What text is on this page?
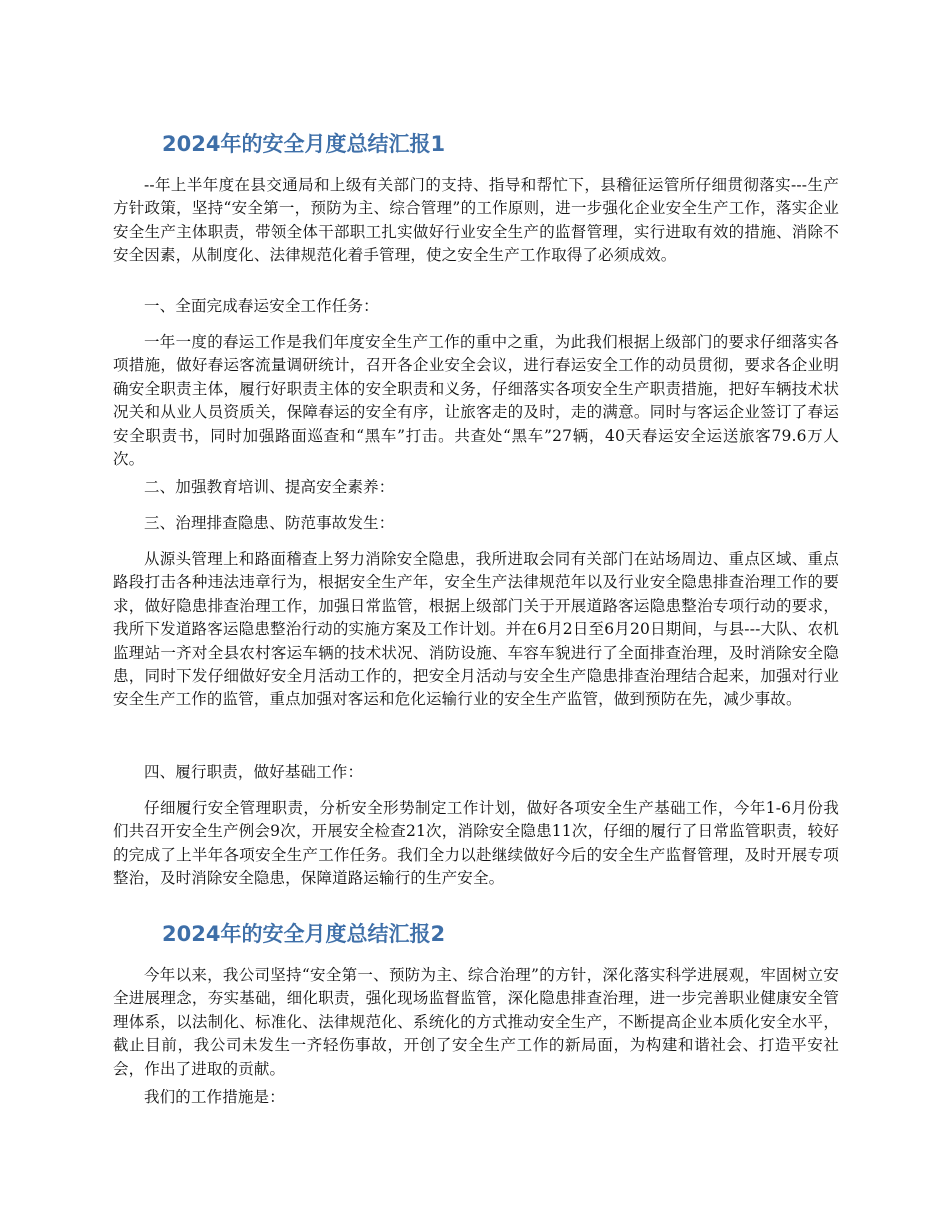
2024年的安全月度总结汇报1

--年上半年度在县交通局和上级有关部门的支持、指导和帮忙下，县稽征运管所仔细贯彻落实---生产方针政策，坚持“安全第一，预防为主、综合管理”的工作原则，进一步强化企业安全生产工作，落实企业安全生产主体职责，带领全体干部职工扎实做好行业安全生产的监督管理，实行进取有效的措施、消除不安全因素，从制度化、法律规范化着手管理，使之安全生产工作取得了必须成效。

一、全面完成春运安全工作任务：

一年一度的春运工作是我们年度安全生产工作的重中之重，为此我们根据上级部门的要求仔细落实各项措施，做好春运客流量调研统计，召开各企业安全会议，进行春运安全工作的动员贯彻，要求各企业明确安全职责主体，履行好职责主体的安全职责和义务，仔细落实各项安全生产职责措施，把好车辆技术状况关和从业人员资质关，保障春运的安全有序，让旅客走的及时，走的满意。同时与客运企业签订了春运安全职责书，同时加强路面巡查和“黑车”打击。共查处“黑车”27辆，40天春运安全运送旅客79.6万人次。

二、加强教育培训、提高安全素养：

三、治理排查隐患、防范事故发生：

从源头管理上和路面稽查上努力消除安全隐患，我所进取会同有关部门在站场周边、重点区域、重点路段打击各种违法违章行为，根据安全生产年，安全生产法律规范年以及行业安全隐患排查治理工作的要求，做好隐患排查治理工作，加强日常监管，根据上级部门关于开展道路客运隐患整治专项行动的要求，我所下发道路客运隐患整治行动的实施方案及工作计划。并在6月2日至6月20日期间，与县---大队、农机监理站一齐对全县农村客运车辆的技术状况、消防设施、车容车貌进行了全面排查治理，及时消除安全隐患，同时下发仔细做好安全月活动工作的，把安全月活动与安全生产隐患排查治理结合起来，加强对行业安全生产工作的监管，重点加强对客运和危化运输行业的安全生产监管，做到预防在先，减少事故。

四、履行职责，做好基础工作：

仔细履行安全管理职责，分析安全形势制定工作计划，做好各项安全生产基础工作，今年1-6月份我们共召开安全生产例会9次，开展安全检查21次，消除安全隐患11次，仔细的履行了日常监管职责，较好的完成了上半年各项安全生产工作任务。我们全力以赴继续做好今后的安全生产监督管理，及时开展专项整治，及时消除安全隐患，保障道路运输行的生产安全。

2024年的安全月度总结汇报2

今年以来，我公司坚持“安全第一、预防为主、综合治理”的方针，深化落实科学进展观，牢固树立安全进展理念，夯实基础，细化职责，强化现场监督监管，深化隐患排查治理，进一步完善职业健康安全管理体系，以法制化、标准化、法律规范化、系统化的方式推动安全生产，不断提高企业本质化安全水平，截止目前，我公司未发生一齐轻伤事故，开创了安全生产工作的新局面，为构建和谐社会、打造平安社会，作出了进取的贡献。

我们的工作措施是：
